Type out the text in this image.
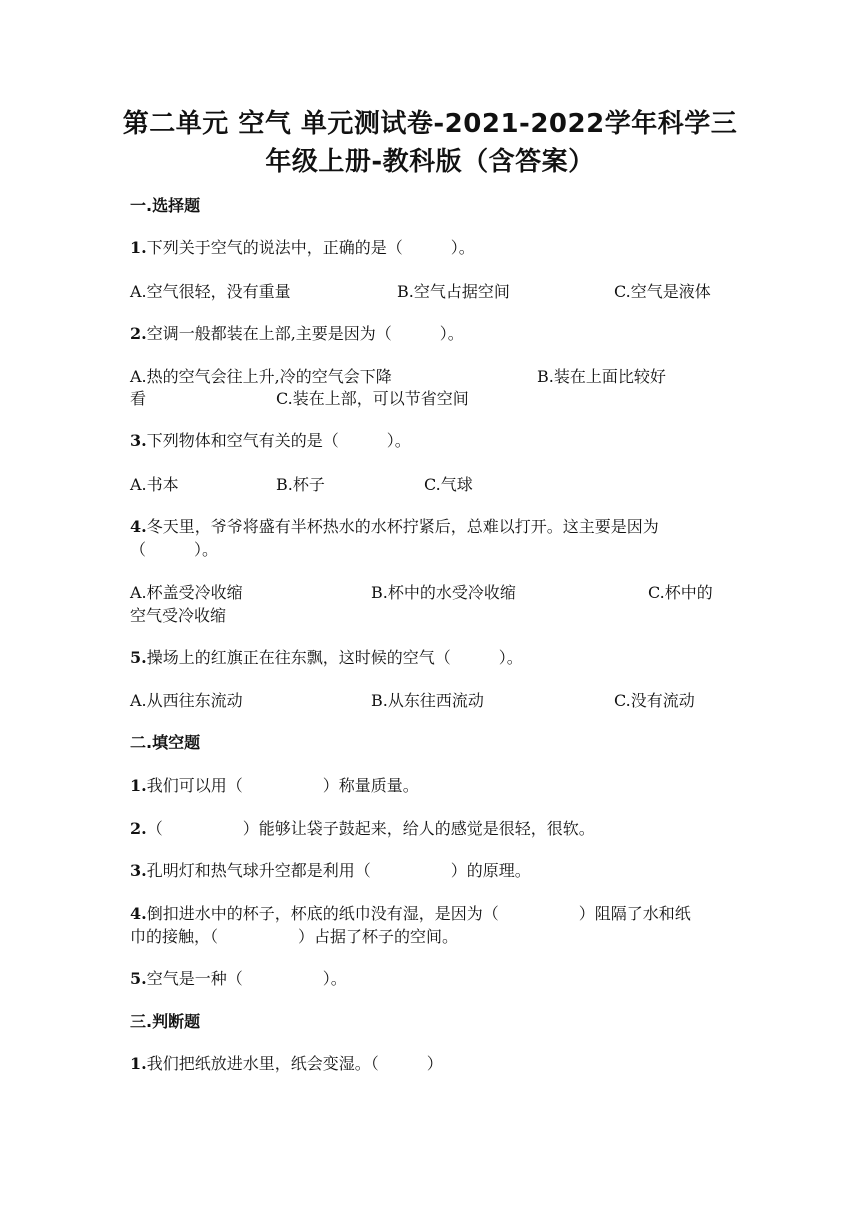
第二单元 空气 单元测试卷-2021-2022学年科学三
年级上册-教科版（含答案）
一.选择题
1.下列关于空气的说法中，正确的是（　　　）。
A.空气很轻，没有重量	B.空气占据空间	C.空气是液体
2.空调一般都装在上部,主要是因为（　　　）。
A.热的空气会往上升,冷的空气会下降	B.装在上面比较好
看	C.装在上部，可以节省空间
3.下列物体和空气有关的是（　　　）。
A.书本	B.杯子	C.气球
4.冬天里，爷爷将盛有半杯热水的水杯拧紧后，总难以打开。这主要是因为
（　　　）。
A.杯盖受冷收缩	B.杯中的水受冷收缩	C.杯中的
空气受冷收缩
5.操场上的红旗正在往东飘，这时候的空气（　　　）。
A.从西往东流动	B.从东往西流动	C.没有流动
二.填空题
1.我们可以用（　　　　　）称量质量。
2.（　　　　　）能够让袋子鼓起来，给人的感觉是很轻，很软。
3.孔明灯和热气球升空都是利用（　　　　　）的原理。
4.倒扣进水中的杯子，杯底的纸巾没有湿，是因为（　　　　　）阻隔了水和纸
巾的接触，（　　　　　）占据了杯子的空间。
5.空气是一种（　　　　　）。
三.判断题
1.我们把纸放进水里，纸会变湿。（　　　）
